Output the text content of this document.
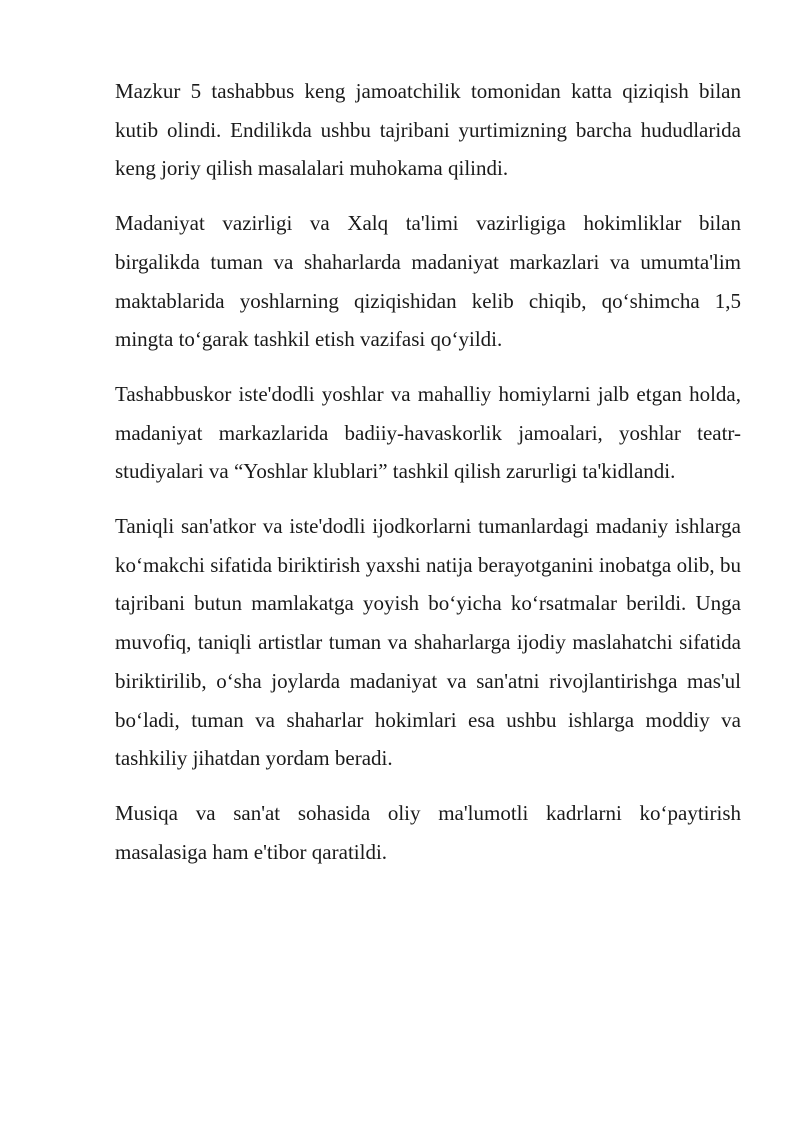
Mazkur 5 tashabbus keng jamoatchilik tomonidan katta qiziqish bilan kutib olindi. Endilikda ushbu tajribani yurtimizning barcha hududlarida keng joriy qilish masalalari muhokama qilindi.

Madaniyat vazirligi va Xalq ta'limi vazirligiga hokimliklar bilan birgalikda tuman va shaharlarda madaniyat markazlari va umumta'lim maktablarida yoshlarning qiziqishidan kelib chiqib, qo‘shimcha 1,5 mingta to‘garak tashkil etish vazifasi qo‘yildi.

Tashabbuskor iste'dodli yoshlar va mahalliy homiylarni jalb etgan holda, madaniyat markazlarida badiiy-havaskorlik jamoalari, yoshlar teatr-studiyalari va “Yoshlar klublari” tashkil qilish zarurligi ta'kidlandi.

Taniqli san'atkor va iste'dodli ijodkorlarni tumanlardagi madaniy ishlarga ko‘makchi sifatida biriktirish yaxshi natija berayotganini inobatga olib, bu tajribani butun mamlakatga yoyish bo‘yicha ko‘rsatmalar berildi. Unga muvofiq, taniqli artistlar tuman va shaharlarga ijodiy maslahatchi sifatida biriktirilib, o‘sha joylarda madaniyat va san'atni rivojlantirishga mas'ul bo‘ladi, tuman va shaharlar hokimlari esa ushbu ishlarga moddiy va tashkiliy jihatdan yordam beradi.

Musiqa va san'at sohasida oliy ma'lumotli kadrlarni ko‘paytirish masalasiga ham e'tibor qaratildi.
